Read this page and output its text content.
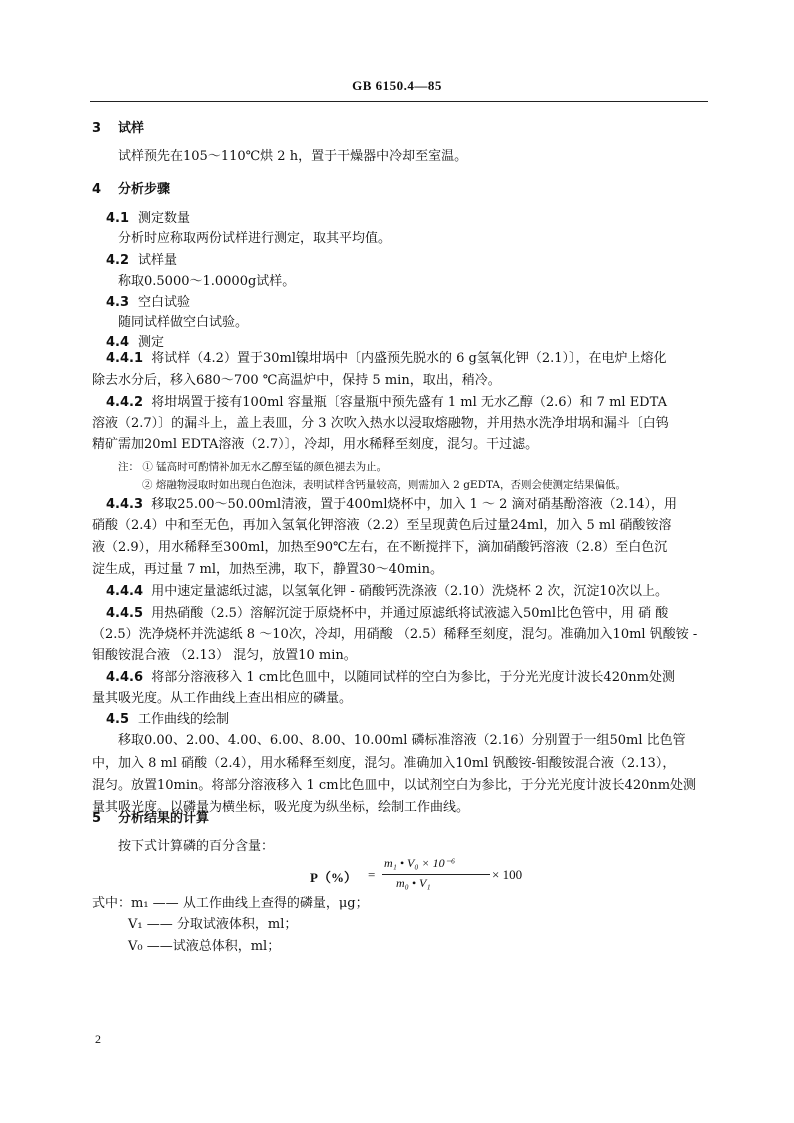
GB 6150.4—85
3 试样
试样预先在105～110℃烘 2 h，置于干燥器中冷却至室温。
4 分析步骤
4.1 测定数量
分析时应称取两份试样进行测定，取其平均值。
4.2 试样量
称取0.5000～1.0000g试样。
4.3 空白试验
随同试样做空白试验。
4.4 测定
4.4.1 将试样（4.2）置于30ml镍坩埚中〔内盛预先脱水的 6 g氢氧化钾（2.1）〕，在电炉上熔化
除去水分后，移入680～700 ℃高温炉中，保持 5 min，取出，稍冷。
4.4.2 将坩埚置于接有100ml 容量瓶〔容量瓶中预先盛有 1 ml 无水乙醇（2.6）和 7 ml EDTA
溶液（2.7）〕的漏斗上，盖上表皿，分 3 次吹入热水以浸取熔融物，并用热水洗净坩埚和漏斗〔白钨
精矿需加20ml EDTA溶液（2.7）〕，冷却，用水稀释至刻度，混匀。干过滤。
注： ① 锰高时可酌情补加无水乙醇至锰的颜色褪去为止。
② 熔融物浸取时如出现白色泡沫，表明试样含钙量较高，则需加入 2 gEDTA，否则会使测定结果偏低。
4.4.3 移取25.00～50.00ml清液，置于400ml烧杯中，加入 1 ～ 2 滴对硝基酚溶液（2.14），用
硝酸（2.4）中和至无色，再加入氢氧化钾溶液（2.2）至呈现黄色后过量24ml，加入 5 ml 硝酸铵溶
液（2.9），用水稀释至300ml，加热至90℃左右，在不断搅拌下，滴加硝酸钙溶液（2.8）至白色沉
淀生成，再过量 7 ml，加热至沸，取下，静置30～40min。
4.4.4 用中速定量滤纸过滤，以氢氧化钾 - 硝酸钙洗涤液（2.10）洗烧杯 2 次，沉淀10次以上。
4.4.5 用热硝酸（2.5）溶解沉淀于原烧杯中，并通过原滤纸将试液滤入50ml比色管中，用 硝 酸
（2.5）洗净烧杯并洗滤纸 8 ～10次，冷却，用硝酸 （2.5）稀释至刻度，混匀。准确加入10ml 钒酸铵 -
钼酸铵混合液 （2.13） 混匀，放置10 min。
4.4.6 将部分溶液移入 1 cm比色皿中，以随同试样的空白为参比，于分光光度计波长420nm处测
量其吸光度。从工作曲线上查出相应的磷量。
4.5 工作曲线的绘制
移取0.00、2.00、4.00、6.00、8.00、10.00ml 磷标准溶液（2.16）分别置于一组50ml 比色管
中，加入 8 ml 硝酸（2.4），用水稀释至刻度，混匀。准确加入10ml 钒酸铵-钼酸铵混合液（2.13），
混匀。放置10min。将部分溶液移入 1 cm比色皿中，以试剂空白为参比，于分光光度计波长420nm处测
量其吸光度。以磷量为横坐标，吸光度为纵坐标，绘制工作曲线。
5 分析结果的计算
按下式计算磷的百分含量：
P（%） =
m₁ • V₀ × 10⁻⁶
m₀ • V₁
× 100
式中：m₁ —— 从工作曲线上查得的磷量，μg；
V₁ —— 分取试液体积，ml；
V₀ ——试液总体积，ml；
2
